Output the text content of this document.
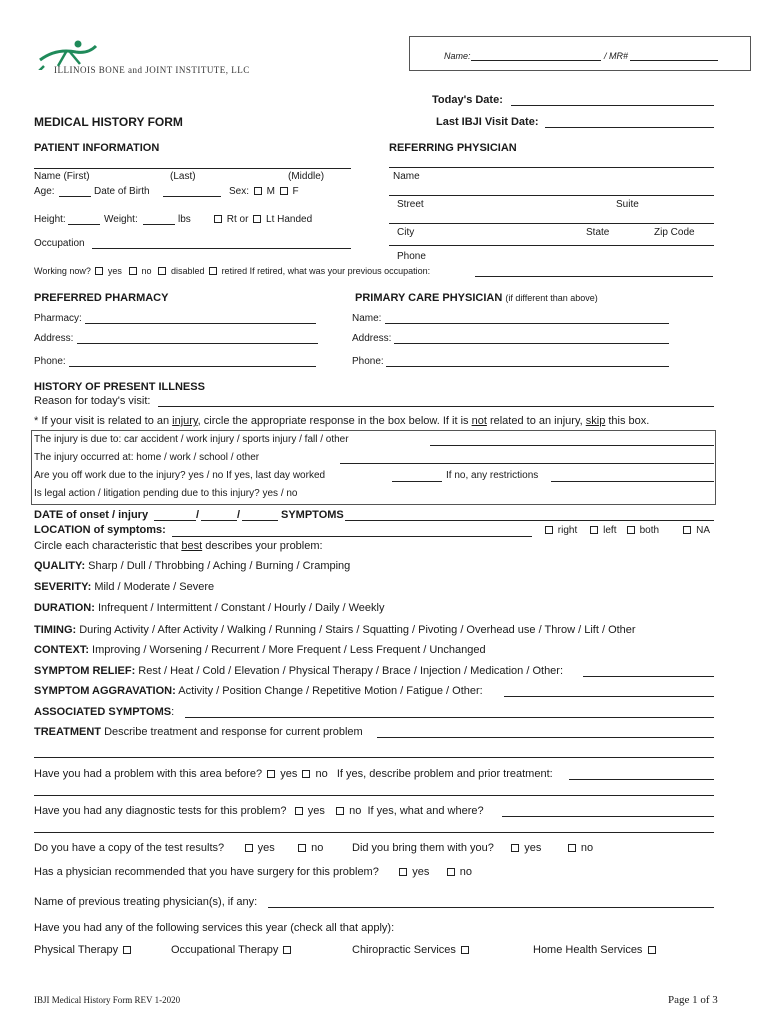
ILLINOIS BONE and JOINT INSTITUTE, LLC
Name:	/ MR#
Today's Date:
Last IBJI Visit Date:
MEDICAL HISTORY FORM
PATIENT INFORMATION
Name (First)	(Last)	(Middle)
Age:	Date of Birth	Sex: M F
Height:	Weight:	lbs	Rt or Lt Handed
Occupation
Working now? yes no disabled retired If retired, what was your previous occupation:
REFERRING PHYSICIAN
Name
Street	Suite
City	State	Zip Code
Phone
PREFERRED PHARMACY
Pharmacy:
Address:
Phone:
PRIMARY CARE PHYSICIAN (if different than above)
Name:
Address:
Phone:
HISTORY OF PRESENT ILLNESS
Reason for today's visit:
* If your visit is related to an injury, circle the appropriate response in the box below. If it is not related to an injury, skip this box.
The injury is due to: car accident / work injury / sports injury / fall / other
The injury occurred at: home / work / school / other
Are you off work due to the injury? yes / no If yes, last day worked	If no, any restrictions
Is legal action / litigation pending due to this injury? yes / no
DATE of onset / injury	/	/	SYMPTOMS
LOCATION of symptoms:	right	left both	NA
Circle each characteristic that best describes your problem:
QUALITY: Sharp / Dull / Throbbing / Aching / Burning / Cramping
SEVERITY: Mild / Moderate / Severe
DURATION: Infrequent / Intermittent / Constant / Hourly / Daily / Weekly
TIMING: During Activity / After Activity / Walking / Running / Stairs / Squatting / Pivoting / Overhead use / Throw / Lift / Other
CONTEXT: Improving / Worsening / Recurrent / More Frequent / Less Frequent / Unchanged
SYMPTOM RELIEF: Rest / Heat / Cold / Elevation / Physical Therapy / Brace / Injection / Medication / Other:
SYMPTOM AGGRAVATION: Activity / Position Change / Repetitive Motion / Fatigue / Other:
ASSOCIATED SYMPTOMS:
TREATMENT Describe treatment and response for current problem
Have you had a problem with this area before? yes no If yes, describe problem and prior treatment:
Have you had any diagnostic tests for this problem? yes no If yes, what and where?
Do you have a copy of the test results?	yes	no	Did you bring them with you?	yes	no
Has a physician recommended that you have surgery for this problem?	yes	no
Name of previous treating physician(s), if any:
Have you had any of the following services this year (check all that apply):
Physical Therapy	Occupational Therapy	Chiropractic Services	Home Health Services
IBJI Medical History Form REV 1-2020	Page 1 of 3
